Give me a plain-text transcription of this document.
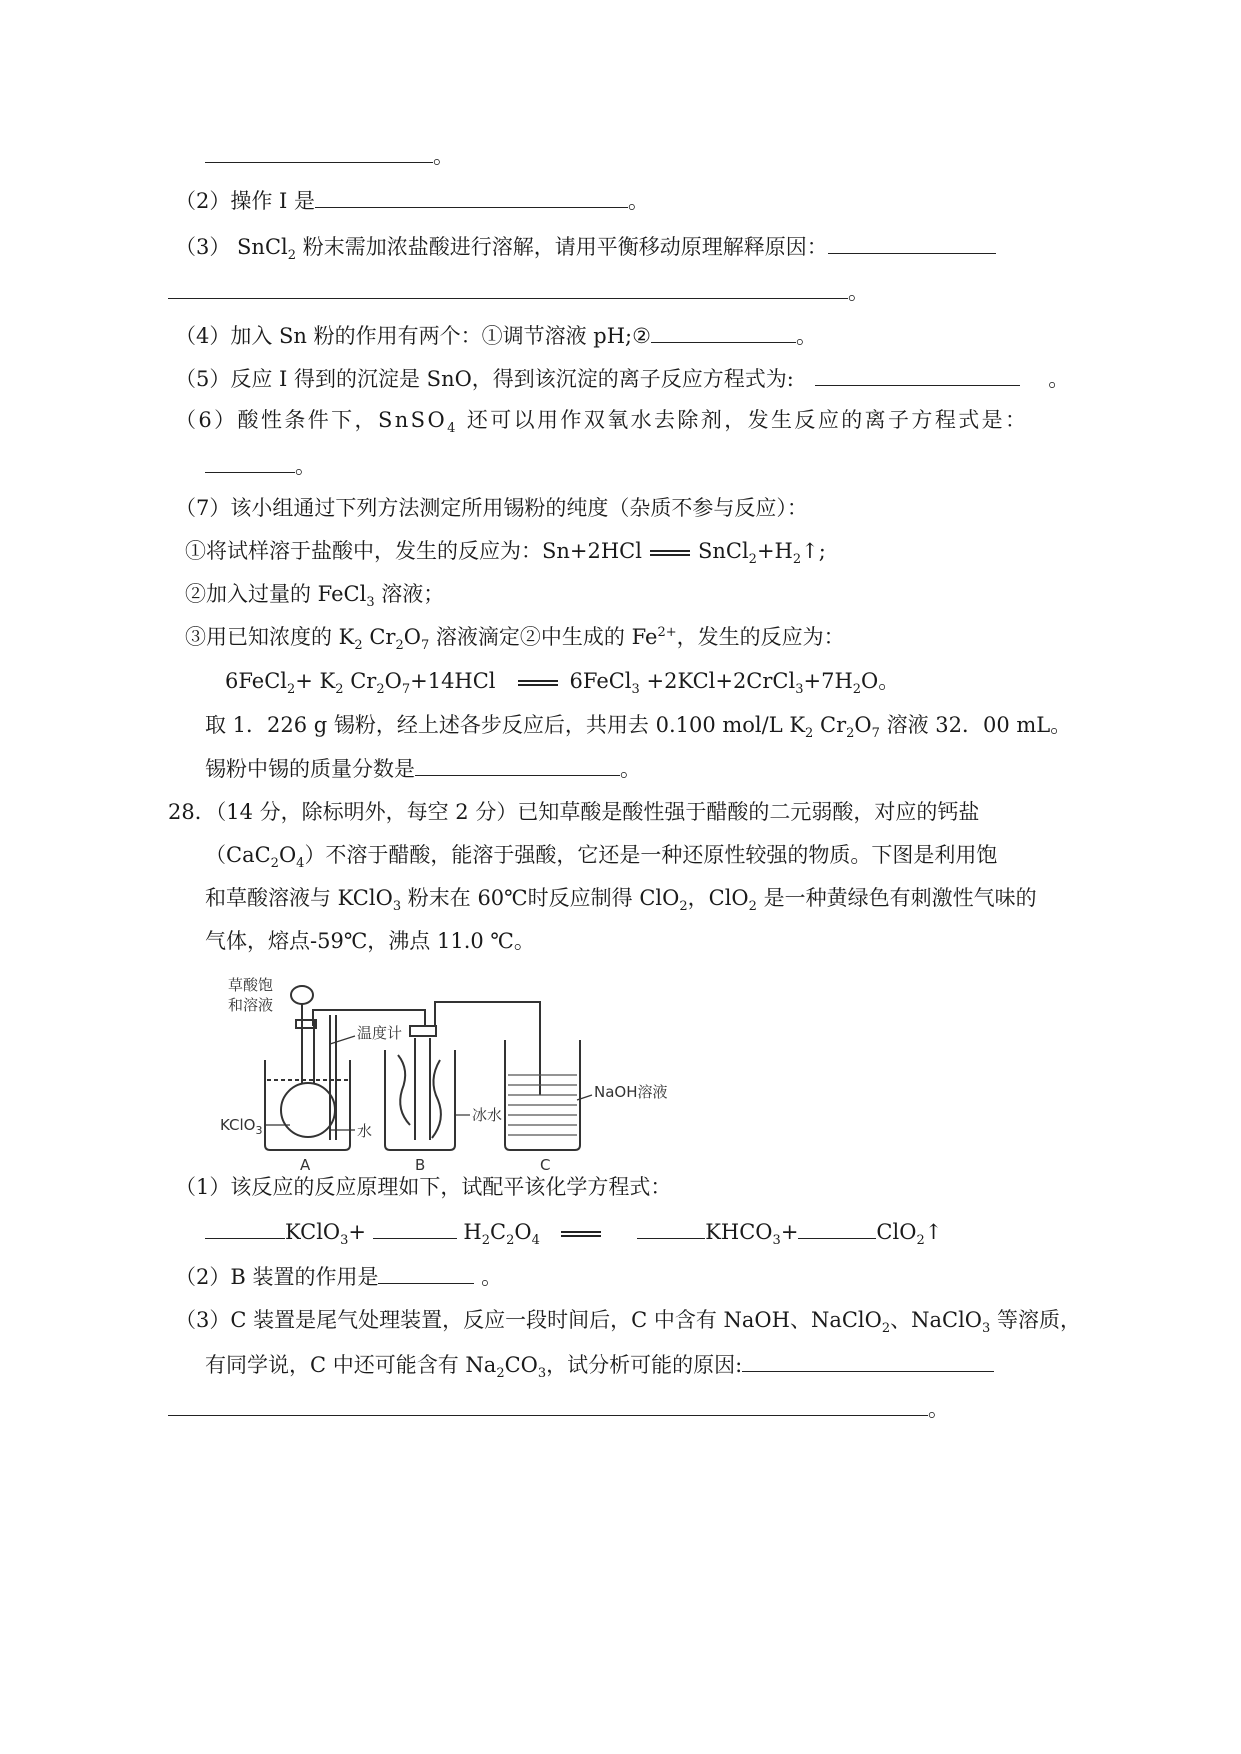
。
（2）操作 I 是	。
（3） SnCl$_2$ 粉末需加浓盐酸进行溶解，请用平衡移动原理解释原因：
。
（4）加入 Sn 粉的作用有两个：①调节溶液 pH;②	。
（5）反应 I 得到的沉淀是 SnO，得到该沉淀的离子反应方程式为:	。
（6）酸性条件下，SnSO$_4$ 还可以用作双氧水去除剂，发生反应的离子方程式是：
。
（7）该小组通过下列方法测定所用锡粉的纯度（杂质不参与反应）：
①将试样溶于盐酸中，发生的反应为：Sn+2HCl	$SnCl_2+H_2↑$;
②加入过量的 FeCl$_3$ 溶液；
③用已知浓度的 $K_2$ $Cr_2O_7$ 溶液滴定②中生成的 $Fe^{2+}$，发生的反应为：
6FeCl$_2$+ $K_2$ $Cr_2O_7+14HCl$	6FeCl$_3$ $+2KCl+2CrCl_3+7H_2O$。
取 1．226 g 锡粉，经上述各步反应后，共用去 0.100 mol/L $K_2$ $Cr_2O_7$ 溶液 32．00 mL。
锡粉中锡的质量分数是	。
28．（14 分，除标明外，每空 2 分）已知草酸是酸性强于醋酸的二元弱酸，对应的钙盐
$(CaC_2O_4)$不溶于醋酸，能溶于强酸，它还是一种还原性较强的物质。下图是利用饱
和草酸溶液与 KClO$_3$ 粉末在 60℃时反应制得 ClO$_2$，ClO$_2$ 是一种黄绿色有刺激性气味的
气体，熔点-59℃，沸点 11.0 ℃。
草酸饱
和溶液
温度计
KClO$_3$	水
冰水
NaOH溶液
A	B	C
（1）该反应的反应原理如下，试配平该化学方程式：
KClO$_3$+	$H_2C_2O_4$	$KHCO_3+$	ClO$_2$↑
（2）B 装置的作用是	。
（3）C 装置是尾气处理装置，反应一段时间后，C 中含有 NaOH、NaClO$_2$、NaClO$_3$ 等溶质，
有同学说，C 中还可能含有 $Na_2CO_3$，试分析可能的原因:
。
